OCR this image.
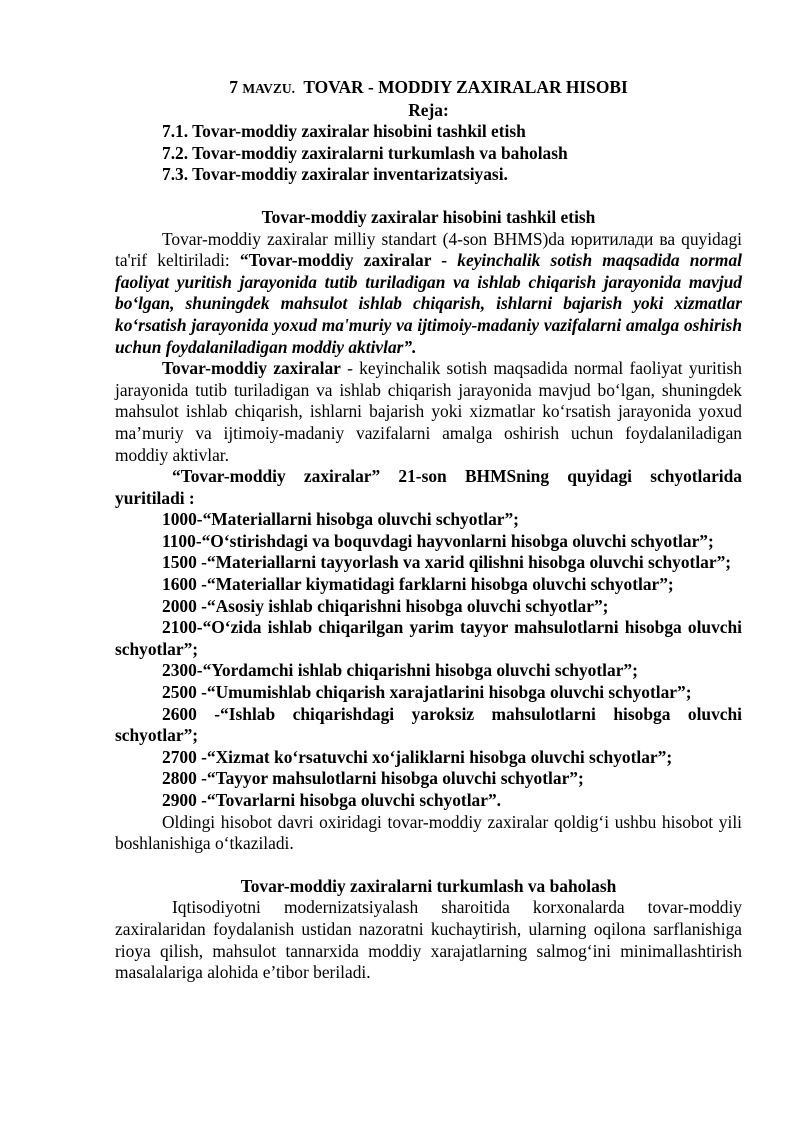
7 MAVZU. TOVAR - MODDIY ZAXIRALAR HISOBI
Reja:
7.1. Tovar-moddiy zaxiralar hisobini tashkil etish
7.2. Tovar-moddiy zaxiralarni turkumlash va baholash
7.3. Tovar-moddiy zaxiralar inventarizatsiyasi.
Tovar-moddiy zaxiralar hisobini tashkil etish
Tovar-moddiy zaxiralar milliy standart (4-son BHMS)da юритилади ва quyidagi ta'rif keltiriladi: “Tovar-moddiy zaxiralar - keyinchalik sotish maqsadida normal faoliyat yuritish jarayonida tutib turiladigan va ishlab chiqarish jarayonida mavjud bo‘lgan, shuningdek mahsulot ishlab chiqarish, ishlarni bajarish yoki xizmatlar ko‘rsatish jarayonida yoxud ma'muriy va ijtimoiy-madaniy vazifalarni amalga oshirish uchun foydalaniladigan moddiy aktivlar”.
Tovar-moddiy zaxiralar - keyinchalik sotish maqsadida normal faoliyat yuritish jarayonida tutib turiladigan va ishlab chiqarish jarayonida mavjud bo‘lgan, shuningdek mahsulot ishlab chiqarish, ishlarni bajarish yoki xizmatlar ko‘rsatish jarayonida yoxud ma’muriy va ijtimoiy-madaniy vazifalarni amalga oshirish uchun foydalaniladigan moddiy aktivlar.
“Tovar-moddiy zaxiralar” 21-son BHMSning quyidagi schyotlarida yuritiladi :
1000-“Materiallarni hisobga oluvchi schyotlar”;
1100-“O‘stirishdagi va boquvdagi hayvonlarni hisobga oluvchi schyotlar”;
1500 -“Materiallarni tayyorlash va xarid qilishni hisobga oluvchi schyotlar”;
1600 -“Materiallar kiymatidagi farklarni hisobga oluvchi schyotlar”;
2000 -“Asosiy ishlab chiqarishni hisobga oluvchi schyotlar”;
2100-“O‘zida ishlab chiqarilgan yarim tayyor mahsulotlarni hisobga oluvchi schyotlar”;
2300-“Yordamchi ishlab chiqarishni hisobga oluvchi schyotlar”;
2500 -“Umumishlab chiqarish xarajatlarini hisobga oluvchi schyotlar”;
2600 -“Ishlab chiqarishdagi yaroksiz mahsulotlarni hisobga oluvchi schyotlar”;
2700 -“Xizmat ko‘rsatuvchi xo‘jaliklarni hisobga oluvchi schyotlar”;
2800 -“Tayyor mahsulotlarni hisobga oluvchi schyotlar”;
2900 -“Tovarlarni hisobga oluvchi schyotlar”.
Oldingi hisobot davri oxiridagi tovar-moddiy zaxiralar qoldig‘i ushbu hisobot yili boshlanishiga o‘tkaziladi.
Tovar-moddiy zaxiralarni turkumlash va baholash
Iqtisodiyotni modernizatsiyalash sharoitida korxonalarda tovar-moddiy zaxiralaridan foydalanish ustidan nazoratni kuchaytirish, ularning oqilona sarflanishiga rioya qilish, mahsulot tannarxida moddiy xarajatlarning salmog‘ini minimallashtirish masalalariga alohida e’tibor beriladi.
